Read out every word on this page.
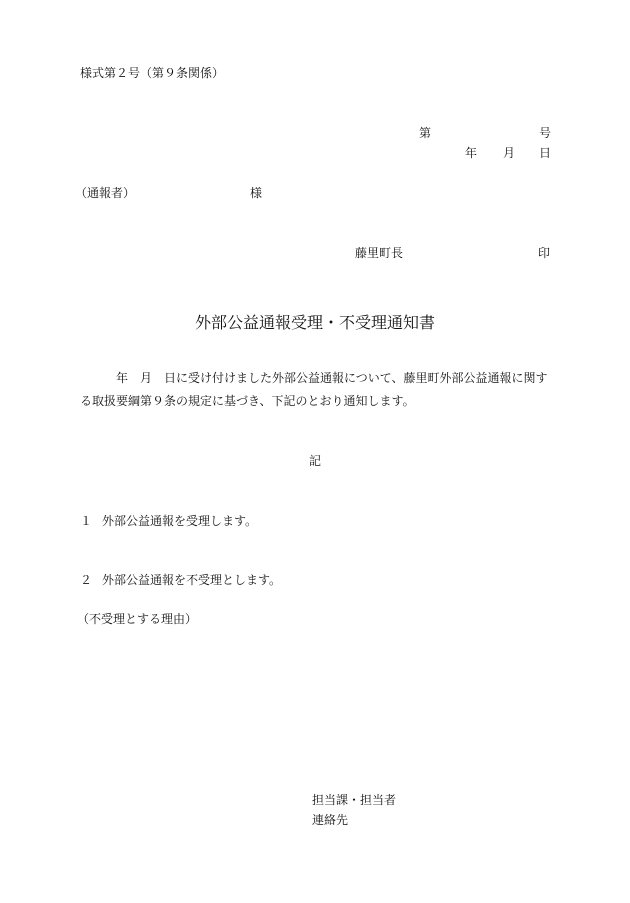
様式第２号（第９条関係）
第	号
年 月 日
（通報者）	様
藤里町長	印
外部公益通報受理・不受理通知書
　　　年　月　日に受け付けました外部公益通報について、藤里町外部公益通報に関す
る取扱要綱第９条の規定に基づき、下記のとおり通知します。
記
１ 外部公益通報を受理します。
２ 外部公益通報を不受理とします。
（不受理とする理由）
担当課・担当者
連絡先
